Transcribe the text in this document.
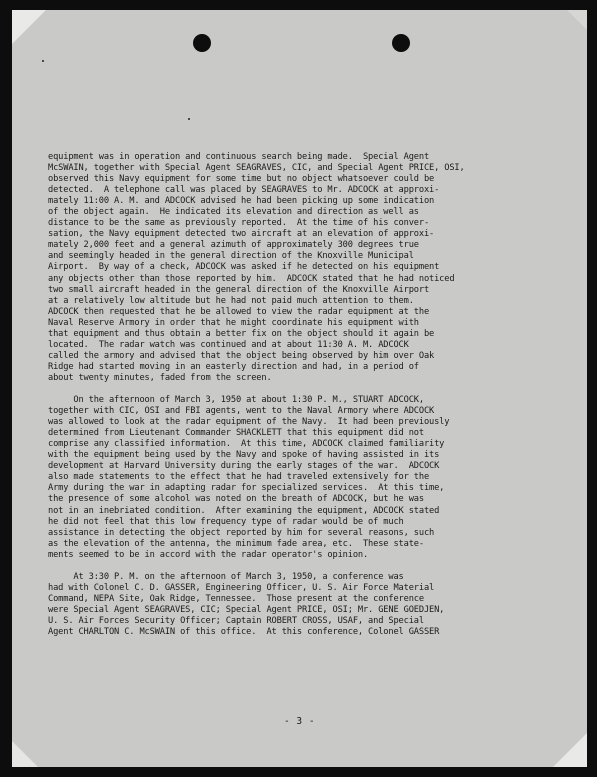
equipment was in operation and continuous search being made.  Special Agent
McSWAIN, together with Special Agent SEAGRAVES, CIC, and Special Agent PRICE, OSI,
observed this Navy equipment for some time but no object whatsoever could be
detected.  A telephone call was placed by SEAGRAVES to Mr. ADCOCK at approxi-
mately 11:00 A. M. and ADCOCK advised he had been picking up some indication
of the object again.  He indicated its elevation and direction as well as
distance to be the same as previously reported.  At the time of his conver-
sation, the Navy equipment detected two aircraft at an elevation of approxi-
mately 2,000 feet and a general azimuth of approximately 300 degrees true
and seemingly headed in the general direction of the Knoxville Municipal
Airport.  By way of a check, ADCOCK was asked if he detected on his equipment
any objects other than those reported by him.  ADCOCK stated that he had noticed
two small aircraft headed in the general direction of the Knoxville Airport
at a relatively low altitude but he had not paid much attention to them.
ADCOCK then requested that he be allowed to view the radar equipment at the
Naval Reserve Armory in order that he might coordinate his equipment with
that equipment and thus obtain a better fix on the object should it again be
located.  The radar watch was continued and at about 11:30 A. M. ADCOCK
called the armory and advised that the object being observed by him over Oak
Ridge had started moving in an easterly direction and had, in a period of
about twenty minutes, faded from the screen.
On the afternoon of March 3, 1950 at about 1:30 P. M., STUART ADCOCK,
together with CIC, OSI and FBI agents, went to the Naval Armory where ADCOCK
was allowed to look at the radar equipment of the Navy.  It had been previously
determined from Lieutenant Commander SHACKLETT that this equipment did not
comprise any classified information.  At this time, ADCOCK claimed familiarity
with the equipment being used by the Navy and spoke of having assisted in its
development at Harvard University during the early stages of the war.  ADCOCK
also made statements to the effect that he had traveled extensively for the
Army during the war in adapting radar for specialized services.  At this time,
the presence of some alcohol was noted on the breath of ADCOCK, but he was
not in an inebriated condition.  After examining the equipment, ADCOCK stated
he did not feel that this low frequency type of radar would be of much
assistance in detecting the object reported by him for several reasons, such
as the elevation of the antenna, the minimum fade area, etc.  These state-
ments seemed to be in accord with the radar operator's opinion.
At 3:30 P. M. on the afternoon of March 3, 1950, a conference was
had with Colonel C. D. GASSER, Engineering Officer, U. S. Air Force Material
Command, NEPA Site, Oak Ridge, Tennessee.  Those present at the conference
were Special Agent SEAGRAVES, CIC; Special Agent PRICE, OSI; Mr. GENE GOEDJEN,
U. S. Air Forces Security Officer; Captain ROBERT CROSS, USAF, and Special
Agent CHARLTON C. McSWAIN of this office.  At this conference, Colonel GASSER
- 3 -
